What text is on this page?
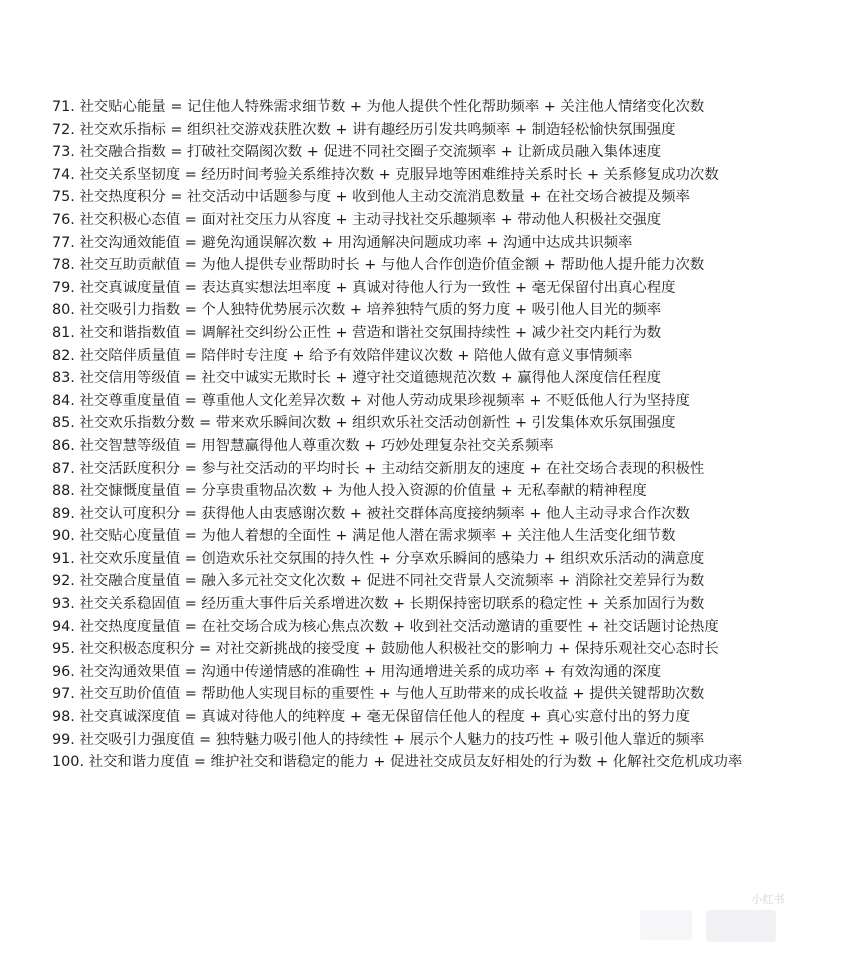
71. 社交贴心能量 = 记住他人特殊需求细节数 + 为他人提供个性化帮助频率 + 关注他人情绪变化次数

72. 社交欢乐指标 = 组织社交游戏获胜次数 + 讲有趣经历引发共鸣频率 + 制造轻松愉快氛围强度

73. 社交融合指数 = 打破社交隔阂次数 + 促进不同社交圈子交流频率 + 让新成员融入集体速度

74. 社交关系坚韧度 = 经历时间考验关系维持次数 + 克服异地等困难维持关系时长 + 关系修复成功次数

75. 社交热度积分 = 社交活动中话题参与度 + 收到他人主动交流消息数量 + 在社交场合被提及频率

76. 社交积极心态值 = 面对社交压力从容度 + 主动寻找社交乐趣频率 + 带动他人积极社交强度

77. 社交沟通效能值 = 避免沟通误解次数 + 用沟通解决问题成功率 + 沟通中达成共识频率

78. 社交互助贡献值 = 为他人提供专业帮助时长 + 与他人合作创造价值金额 + 帮助他人提升能力次数

79. 社交真诚度量值 = 表达真实想法坦率度 + 真诚对待他人行为一致性 + 毫无保留付出真心程度

80. 社交吸引力指数 = 个人独特优势展示次数 + 培养独特气质的努力度 + 吸引他人目光的频率

81. 社交和谐指数值 = 调解社交纠纷公正性 + 营造和谐社交氛围持续性 + 减少社交内耗行为数

82. 社交陪伴质量值 = 陪伴时专注度 + 给予有效陪伴建议次数 + 陪他人做有意义事情频率

83. 社交信用等级值 = 社交中诚实无欺时长 + 遵守社交道德规范次数 + 赢得他人深度信任程度

84. 社交尊重度量值 = 尊重他人文化差异次数 + 对他人劳动成果珍视频率 + 不贬低他人行为坚持度

85. 社交欢乐指数分数 = 带来欢乐瞬间次数 + 组织欢乐社交活动创新性 + 引发集体欢乐氛围强度

86. 社交智慧等级值 = 用智慧赢得他人尊重次数 + 巧妙处理复杂社交关系频率

87. 社交活跃度积分 = 参与社交活动的平均时长 + 主动结交新朋友的速度 + 在社交场合表现的积极性

88. 社交慷慨度量值 = 分享贵重物品次数 + 为他人投入资源的价值量 + 无私奉献的精神程度

89. 社交认可度积分 = 获得他人由衷感谢次数 + 被社交群体高度接纳频率 + 他人主动寻求合作次数

90. 社交贴心度量值 = 为他人着想的全面性 + 满足他人潜在需求频率 + 关注他人生活变化细节数

91. 社交欢乐度量值 = 创造欢乐社交氛围的持久性 + 分享欢乐瞬间的感染力 + 组织欢乐活动的满意度

92. 社交融合度量值 = 融入多元社交文化次数 + 促进不同社交背景人交流频率 + 消除社交差异行为数

93. 社交关系稳固值 = 经历重大事件后关系增进次数 + 长期保持密切联系的稳定性 + 关系加固行为数

94. 社交热度度量值 = 在社交场合成为核心焦点次数 + 收到社交活动邀请的重要性 + 社交话题讨论热度

95. 社交积极态度积分 = 对社交新挑战的接受度 + 鼓励他人积极社交的影响力 + 保持乐观社交心态时长

96. 社交沟通效果值 = 沟通中传递情感的准确性 + 用沟通增进关系的成功率 + 有效沟通的深度

97. 社交互助价值值 = 帮助他人实现目标的重要性 + 与他人互助带来的成长收益 + 提供关键帮助次数

98. 社交真诚深度值 = 真诚对待他人的纯粹度 + 毫无保留信任他人的程度 + 真心实意付出的努力度

99. 社交吸引力强度值 = 独特魅力吸引他人的持续性 + 展示个人魅力的技巧性 + 吸引他人靠近的频率

100. 社交和谐力度值 = 维护社交和谐稳定的能力 + 促进社交成员友好相处的行为数 + 化解社交危机成功率

小红书
